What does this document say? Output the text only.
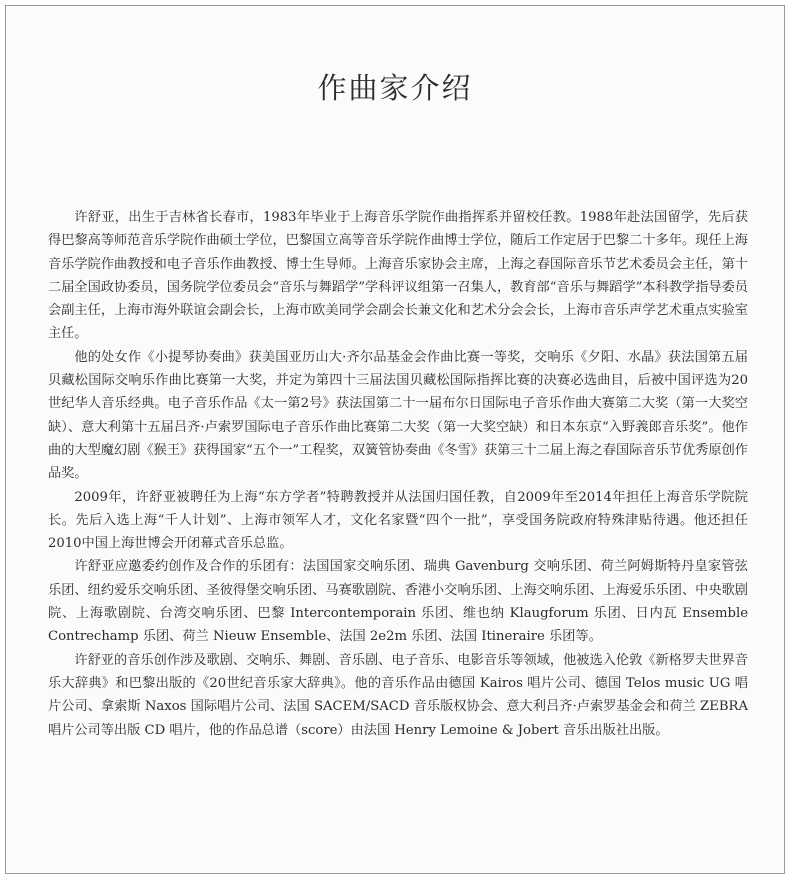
作曲家介绍

许舒亚，出生于吉林省长春市，1983年毕业于上海音乐学院作曲指挥系并留校任教。1988年赴法国留学，先后获得巴黎高等师范音乐学院作曲硕士学位，巴黎国立高等音乐学院作曲博士学位，随后工作定居于巴黎二十多年。现任上海音乐学院作曲教授和电子音乐作曲教授、博士生导师。上海音乐家协会主席，上海之春国际音乐节艺术委员会主任，第十二届全国政协委员，国务院学位委员会“音乐与舞蹈学”学科评议组第一召集人，教育部“音乐与舞蹈学”本科教学指导委员会副主任，上海市海外联谊会副会长，上海市欧美同学会副会长兼文化和艺术分会会长，上海市音乐声学艺术重点实验室主任。

他的处女作《小提琴协奏曲》获美国亚历山大·齐尔品基金会作曲比赛一等奖，交响乐《夕阳、水晶》获法国第五届贝藏松国际交响乐作曲比赛第一大奖，并定为第四十三届法国贝藏松国际指挥比赛的决赛必选曲目，后被中国评选为20世纪华人音乐经典。电子音乐作品《太一第2号》获法国第二十一届布尔日国际电子音乐作曲大赛第二大奖（第一大奖空缺）、意大利第十五届吕齐·卢索罗国际电子音乐作曲比赛第二大奖（第一大奖空缺）和日本东京“入野義郎音乐奖”。他作曲的大型魔幻剧《猴王》获得国家“五个一”工程奖，双簧管协奏曲《冬雪》获第三十二届上海之春国际音乐节优秀原创作品奖。

2009年，许舒亚被聘任为上海“东方学者”特聘教授并从法国归国任教，自2009年至2014年担任上海音乐学院院长。先后入选上海“千人计划”、上海市领军人才，文化名家暨“四个一批”，享受国务院政府特殊津贴待遇。他还担任2010中国上海世博会开闭幕式音乐总监。

许舒亚应邀委约创作及合作的乐团有：法国国家交响乐团、瑞典 Gavenburg 交响乐团、荷兰阿姆斯特丹皇家管弦乐团、纽约爱乐交响乐团、圣彼得堡交响乐团、马赛歌剧院、香港小交响乐团、上海交响乐团、上海爱乐乐团、中央歌剧院、上海歌剧院、台湾交响乐团、巴黎 Intercontemporain 乐团、维也纳 Klaugforum 乐团、日内瓦 Ensemble Contrechamp 乐团、荷兰 Nieuw Ensemble、法国 2e2m 乐团、法国 Itineraire 乐团等。

许舒亚的音乐创作涉及歌剧、交响乐、舞剧、音乐剧、电子音乐、电影音乐等领域，他被选入伦敦《新格罗夫世界音乐大辞典》和巴黎出版的《20世纪音乐家大辞典》。他的音乐作品由德国 Kairos 唱片公司、德国 Telos music UG 唱片公司、拿索斯 Naxos 国际唱片公司、法国 SACEM/SACD 音乐版权协会、意大利吕齐·卢索罗基金会和荷兰 ZEBRA 唱片公司等出版 CD 唱片，他的作品总谱（score）由法国 Henry Lemoine & Jobert 音乐出版社出版。
